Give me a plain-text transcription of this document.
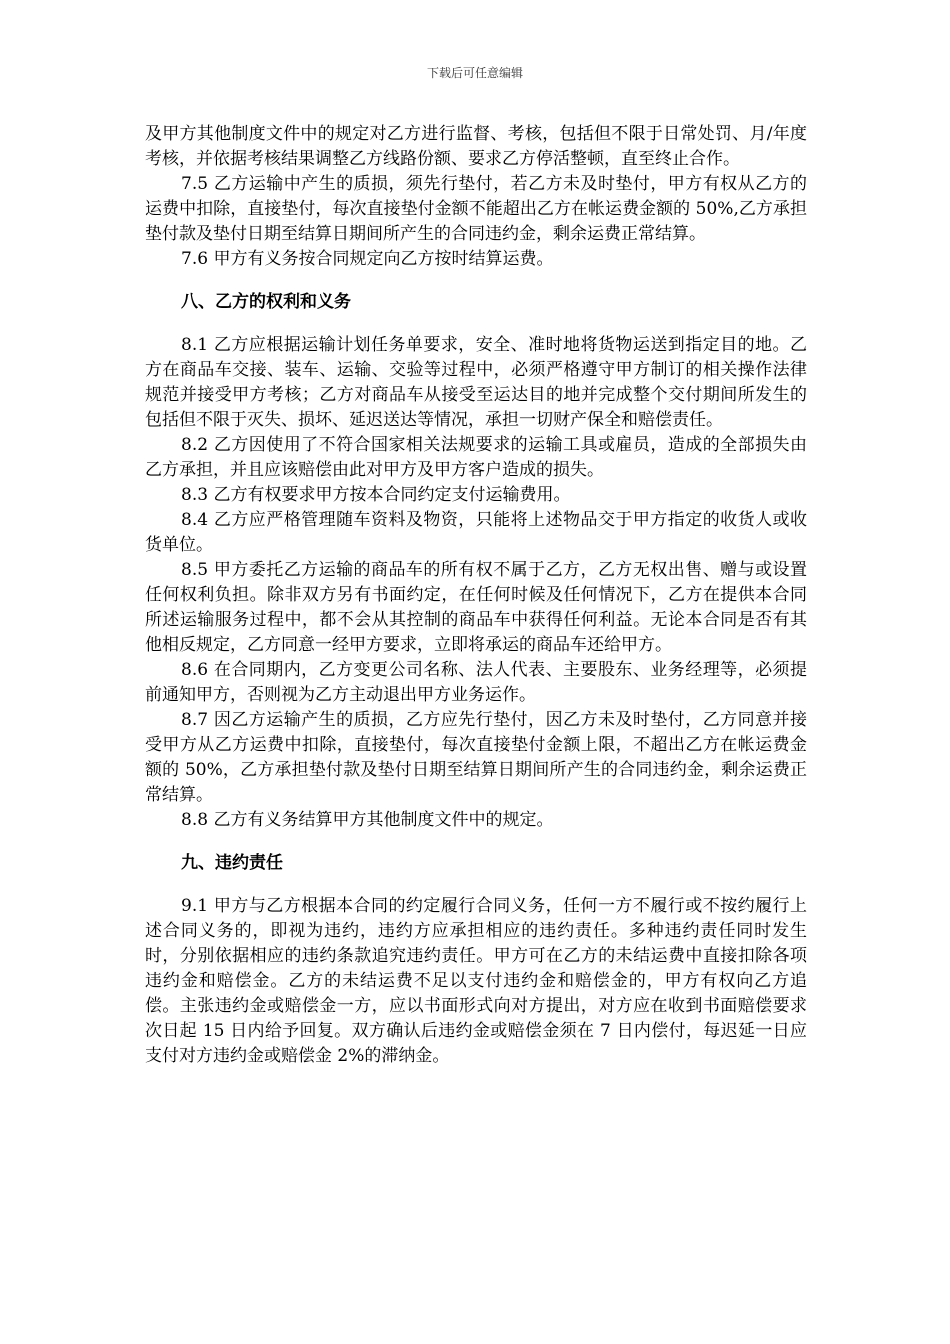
下载后可任意编辑

及甲方其他制度文件中的规定对乙方进行监督、考核，包括但不限于日常处罚、月/年度考核，并依据考核结果调整乙方线路份额、要求乙方停活整顿，直至终止合作。

7.5 乙方运输中产生的质损，须先行垫付，若乙方未及时垫付，甲方有权从乙方的运费中扣除，直接垫付，每次直接垫付金额不能超出乙方在帐运费金额的 50%,乙方承担垫付款及垫付日期至结算日期间所产生的合同违约金，剩余运费正常结算。

7.6 甲方有义务按合同规定向乙方按时结算运费。

八、乙方的权利和义务

8.1 乙方应根据运输计划任务单要求，安全、准时地将货物运送到指定目的地。乙方在商品车交接、装车、运输、交验等过程中，必须严格遵守甲方制订的相关操作法律规范并接受甲方考核；乙方对商品车从接受至运达目的地并完成整个交付期间所发生的包括但不限于灭失、损坏、延迟送达等情况，承担一切财产保全和赔偿责任。

8.2 乙方因使用了不符合国家相关法规要求的运输工具或雇员，造成的全部损失由乙方承担，并且应该赔偿由此对甲方及甲方客户造成的损失。

8.3 乙方有权要求甲方按本合同约定支付运输费用。

8.4 乙方应严格管理随车资料及物资，只能将上述物品交于甲方指定的收货人或收货单位。

8.5 甲方委托乙方运输的商品车的所有权不属于乙方，乙方无权出售、赠与或设置任何权利负担。除非双方另有书面约定，在任何时候及任何情况下，乙方在提供本合同所述运输服务过程中，都不会从其控制的商品车中获得任何利益。无论本合同是否有其他相反规定，乙方同意一经甲方要求，立即将承运的商品车还给甲方。

8.6 在合同期内，乙方变更公司名称、法人代表、主要股东、业务经理等，必须提前通知甲方，否则视为乙方主动退出甲方业务运作。

8.7 因乙方运输产生的质损，乙方应先行垫付，因乙方未及时垫付，乙方同意并接受甲方从乙方运费中扣除，直接垫付，每次直接垫付金额上限，不超出乙方在帐运费金额的 50%，乙方承担垫付款及垫付日期至结算日期间所产生的合同违约金，剩余运费正常结算。

8.8 乙方有义务结算甲方其他制度文件中的规定。

九、违约责任

9.1 甲方与乙方根据本合同的约定履行合同义务，任何一方不履行或不按约履行上述合同义务的，即视为违约，违约方应承担相应的违约责任。多种违约责任同时发生时，分别依据相应的违约条款追究违约责任。甲方可在乙方的未结运费中直接扣除各项违约金和赔偿金。乙方的未结运费不足以支付违约金和赔偿金的，甲方有权向乙方追偿。主张违约金或赔偿金一方，应以书面形式向对方提出，对方应在收到书面赔偿要求次日起 15 日内给予回复。双方确认后违约金或赔偿金须在 7 日内偿付，每迟延一日应支付对方违约金或赔偿金 2%的滞纳金。
